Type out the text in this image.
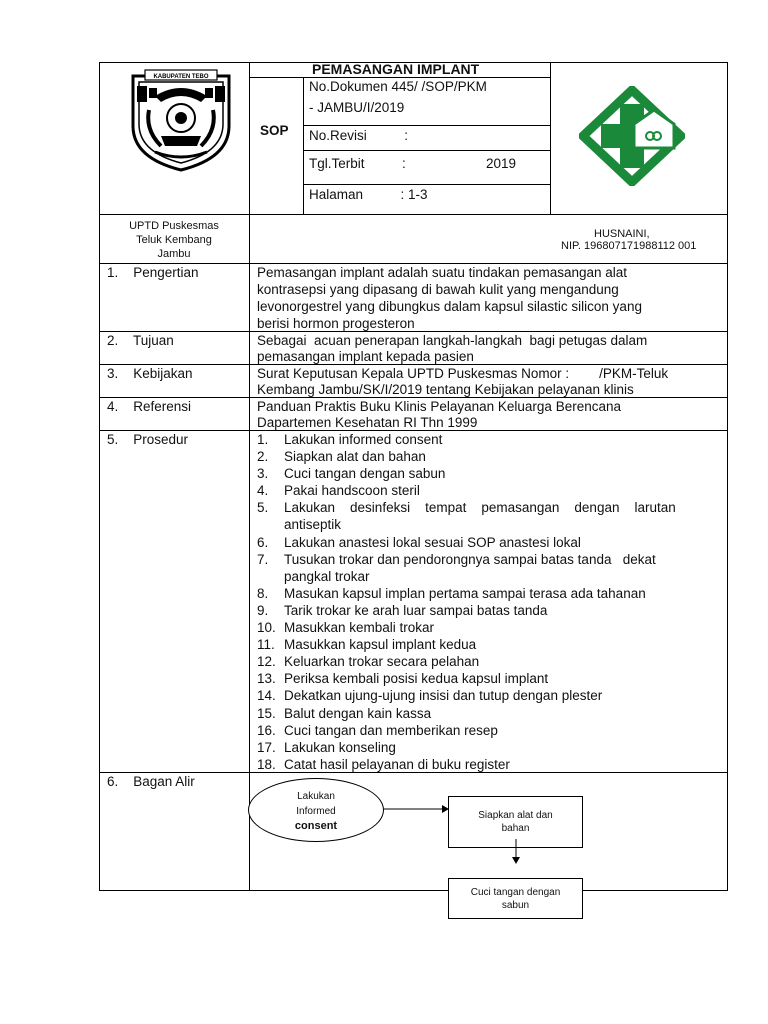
KABUPATEN TEBO	PEMASANGAN IMPLANT
SOP
No.Dokumen 445/ /SOP/PKM
- JAMBU/I/2019
No.Revisi          :
Tgl.Terbit          :	2019
Halaman          : 1-3
UPTD Puskesmas
Teluk Kembang
Jambu
HUSNAINI,
NIP. 196807171988112 001
1.    Pengertian	Pemasangan implant adalah suatu tindakan pemasangan alat
kontrasepsi yang dipasang di bawah kulit yang mengandung
levonorgestrel yang dibungkus dalam kapsul silastic silicon yang
berisi hormon progesteron
2.    Tujuan	Sebagai  acuan penerapan langkah-langkah  bagi petugas dalam
pemasangan implant kepada pasien
3.    Kebijakan	Surat Keputusan Kepala UPTD Puskesmas Nomor :        /PKM-Teluk
Kembang Jambu/SK/I/2019 tentang Kebijakan pelayanan klinis
4.    Referensi	Panduan Praktis Buku Klinis Pelayanan Keluarga Berencana
Dapartemen Kesehatan RI Thn 1999
5.    Prosedur	1. Lakukan informed consent
2. Siapkan alat dan bahan
3. Cuci tangan dengan sabun
4. Pakai handscoon steril
5. Lakukan    desinfeksi    tempat    pemasangan    dengan    larutan
antiseptik
6. Lakukan anastesi lokal sesuai SOP anastesi lokal
7. Tusukan trokar dan pendorongnya sampai batas tanda   dekat
pangkal trokar
8. Masukan kapsul implan pertama sampai terasa ada tahanan
9. Tarik trokar ke arah luar sampai batas tanda
10. Masukkan kembali trokar
11. Masukkan kapsul implant kedua
12. Keluarkan trokar secara pelahan
13. Periksa kembali posisi kedua kapsul implant
14. Dekatkan ujung-ujung insisi dan tutup dengan plester
15. Balut dengan kain kassa
16. Cuci tangan dan memberikan resep
17. Lakukan konseling
18. Catat hasil pelayanan di buku register
6.    Bagan Alir
Lakukan
Informed
consent
Siapkan alat dan bahan
Cuci tangan dengan sabun
